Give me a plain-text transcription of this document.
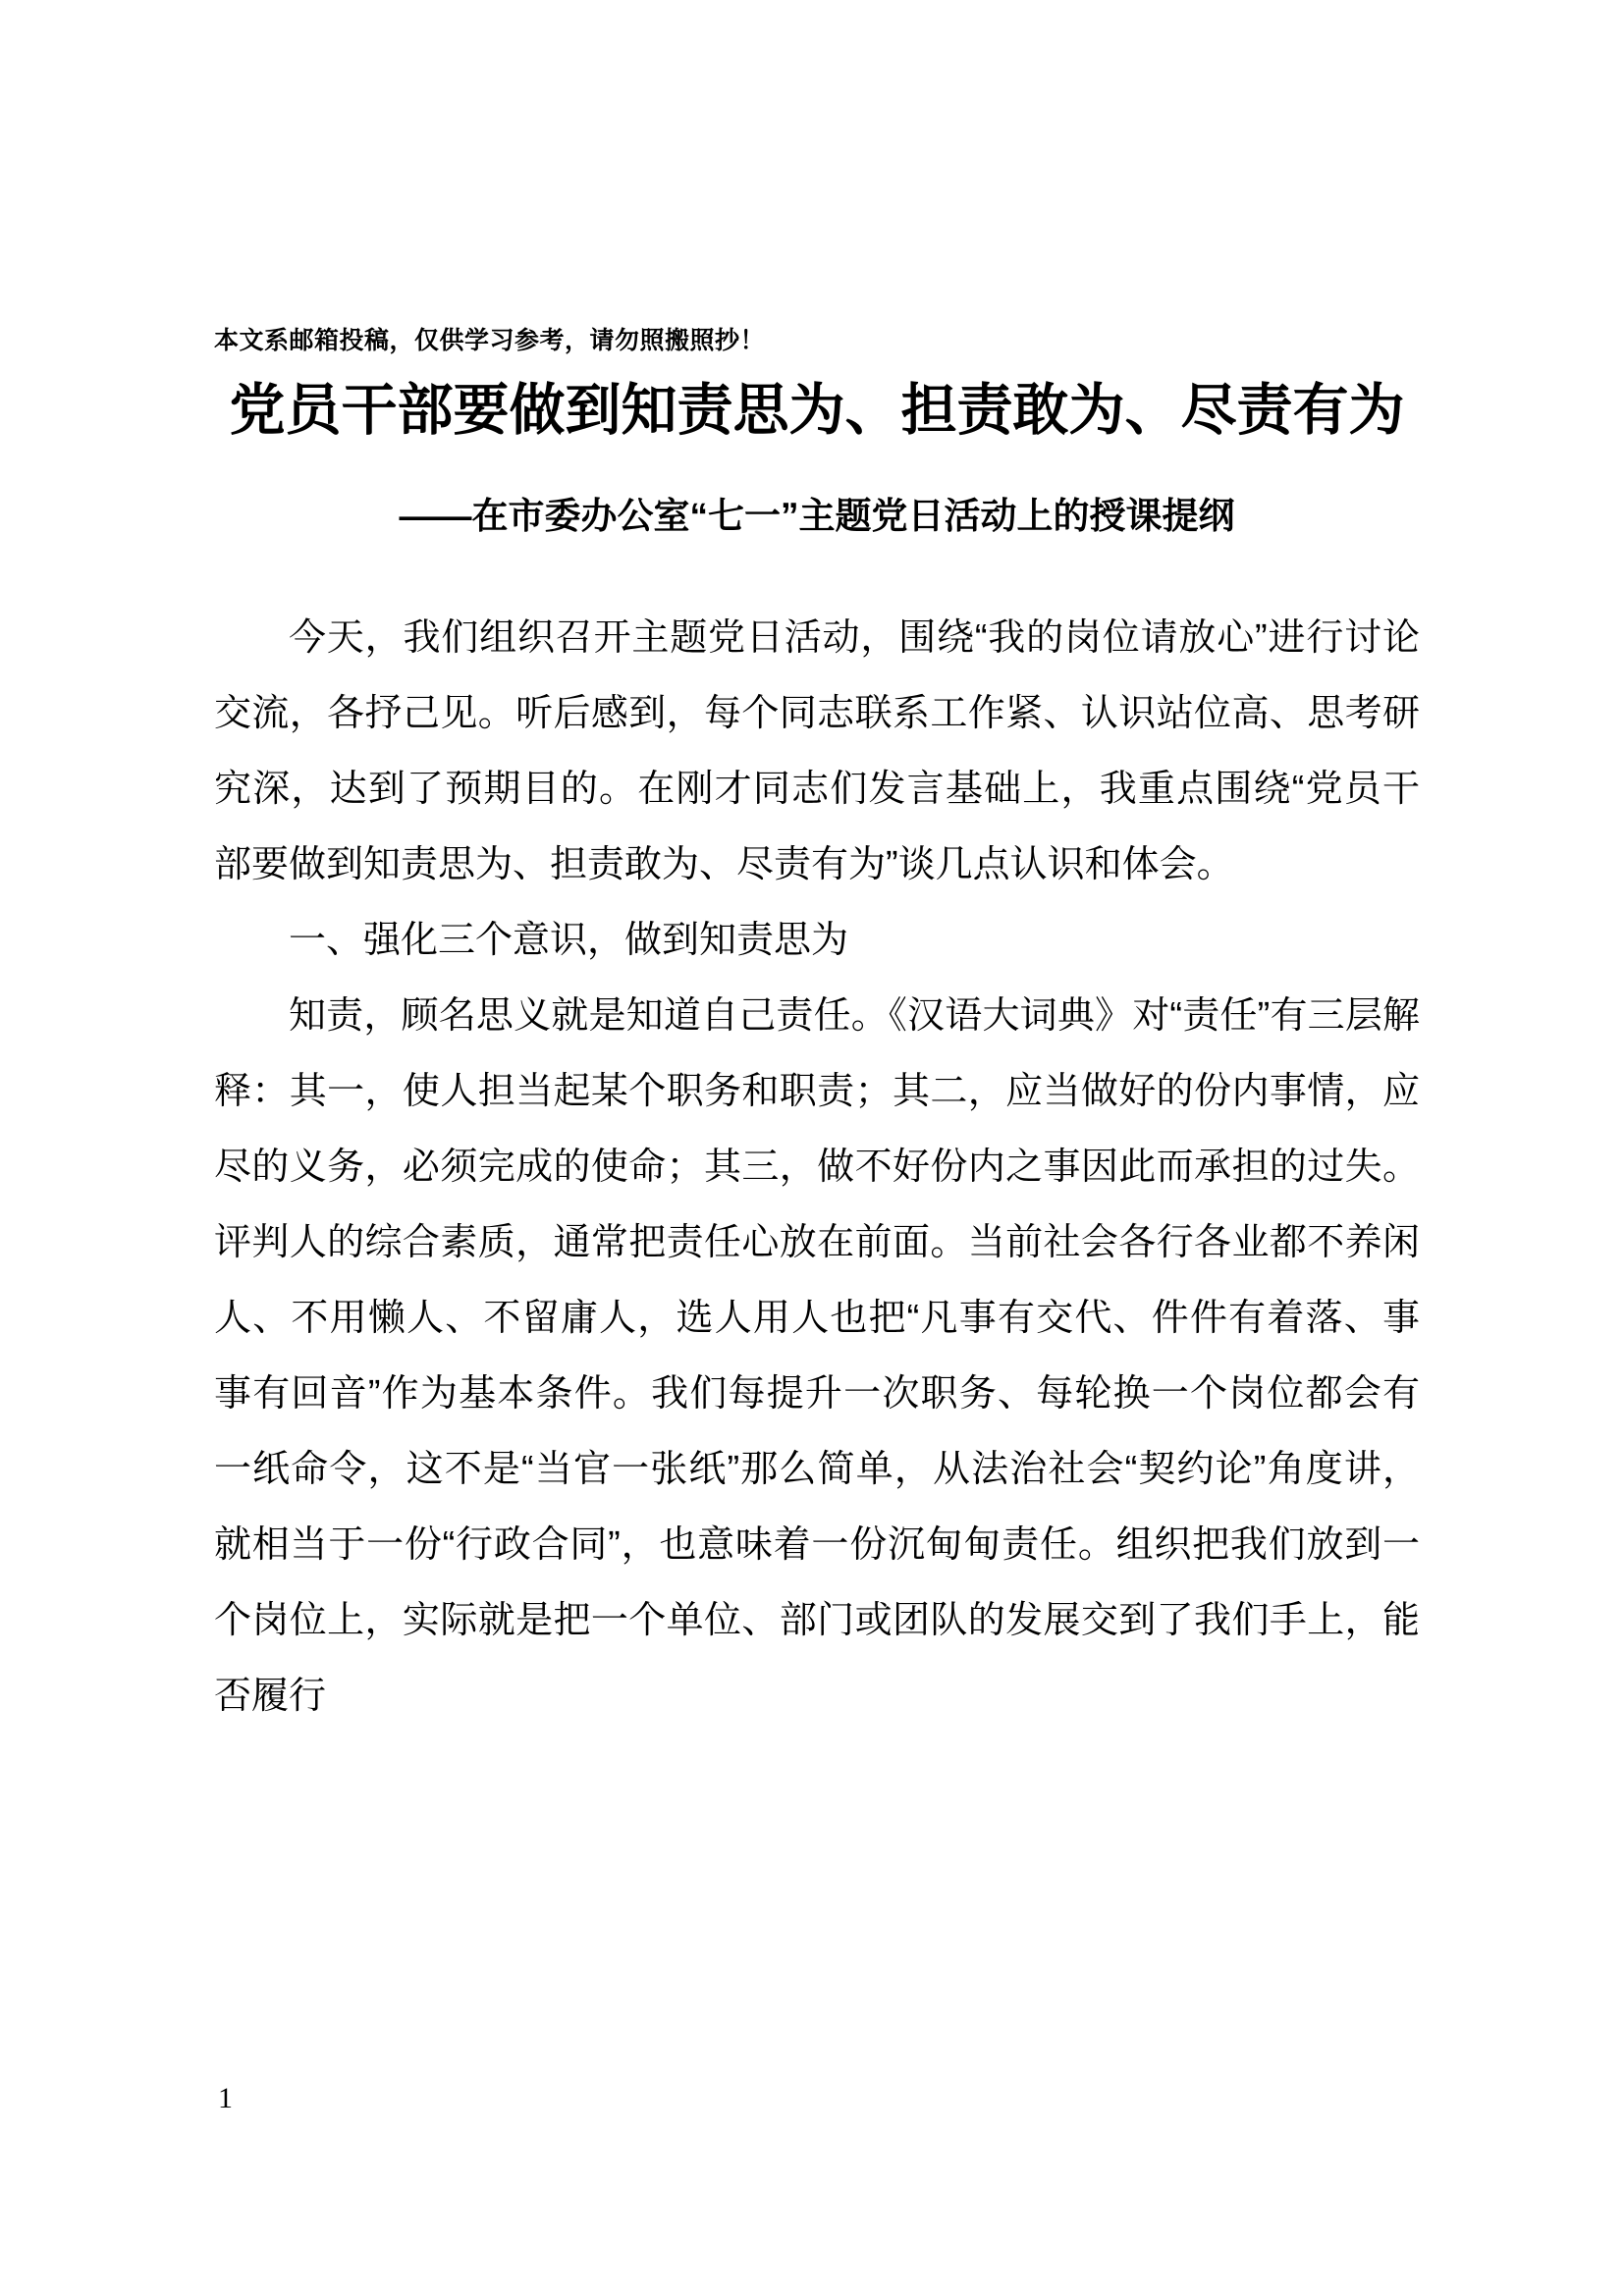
本文系邮箱投稿，仅供学习参考，请勿照搬照抄！
党员干部要做到知责思为、担责敢为、尽责有为
——在市委办公室“七一”主题党日活动上的授课提纲

今天，我们组织召开主题党日活动，围绕“我的岗位请放心”进行讨论交流，各抒己见。听后感到，每个同志联系工作紧、认识站位高、思考研究深，达到了预期目的。在刚才同志们发言基础上，我重点围绕“党员干部要做到知责思为、担责敢为、尽责有为”谈几点认识和体会。

一、强化三个意识，做到知责思为

知责，顾名思义就是知道自己责任。《汉语大词典》对“责任”有三层解释：其一，使人担当起某个职务和职责；其二，应当做好的份内事情，应尽的义务，必须完成的使命；其三，做不好份内之事因此而承担的过失。评判人的综合素质，通常把责任心放在前面。当前社会各行各业都不养闲人、不用懒人、不留庸人，选人用人也把“凡事有交代、件件有着落、事事有回音”作为基本条件。我们每提升一次职务、每轮换一个岗位都会有一纸命令，这不是“当官一张纸”那么简单，从法治社会“契约论”角度讲，就相当于一份“行政合同”，也意味着一份沉甸甸责任。组织把我们放到一个岗位上，实际就是把一个单位、部门或团队的发展交到了我们手上，能否履行

1
